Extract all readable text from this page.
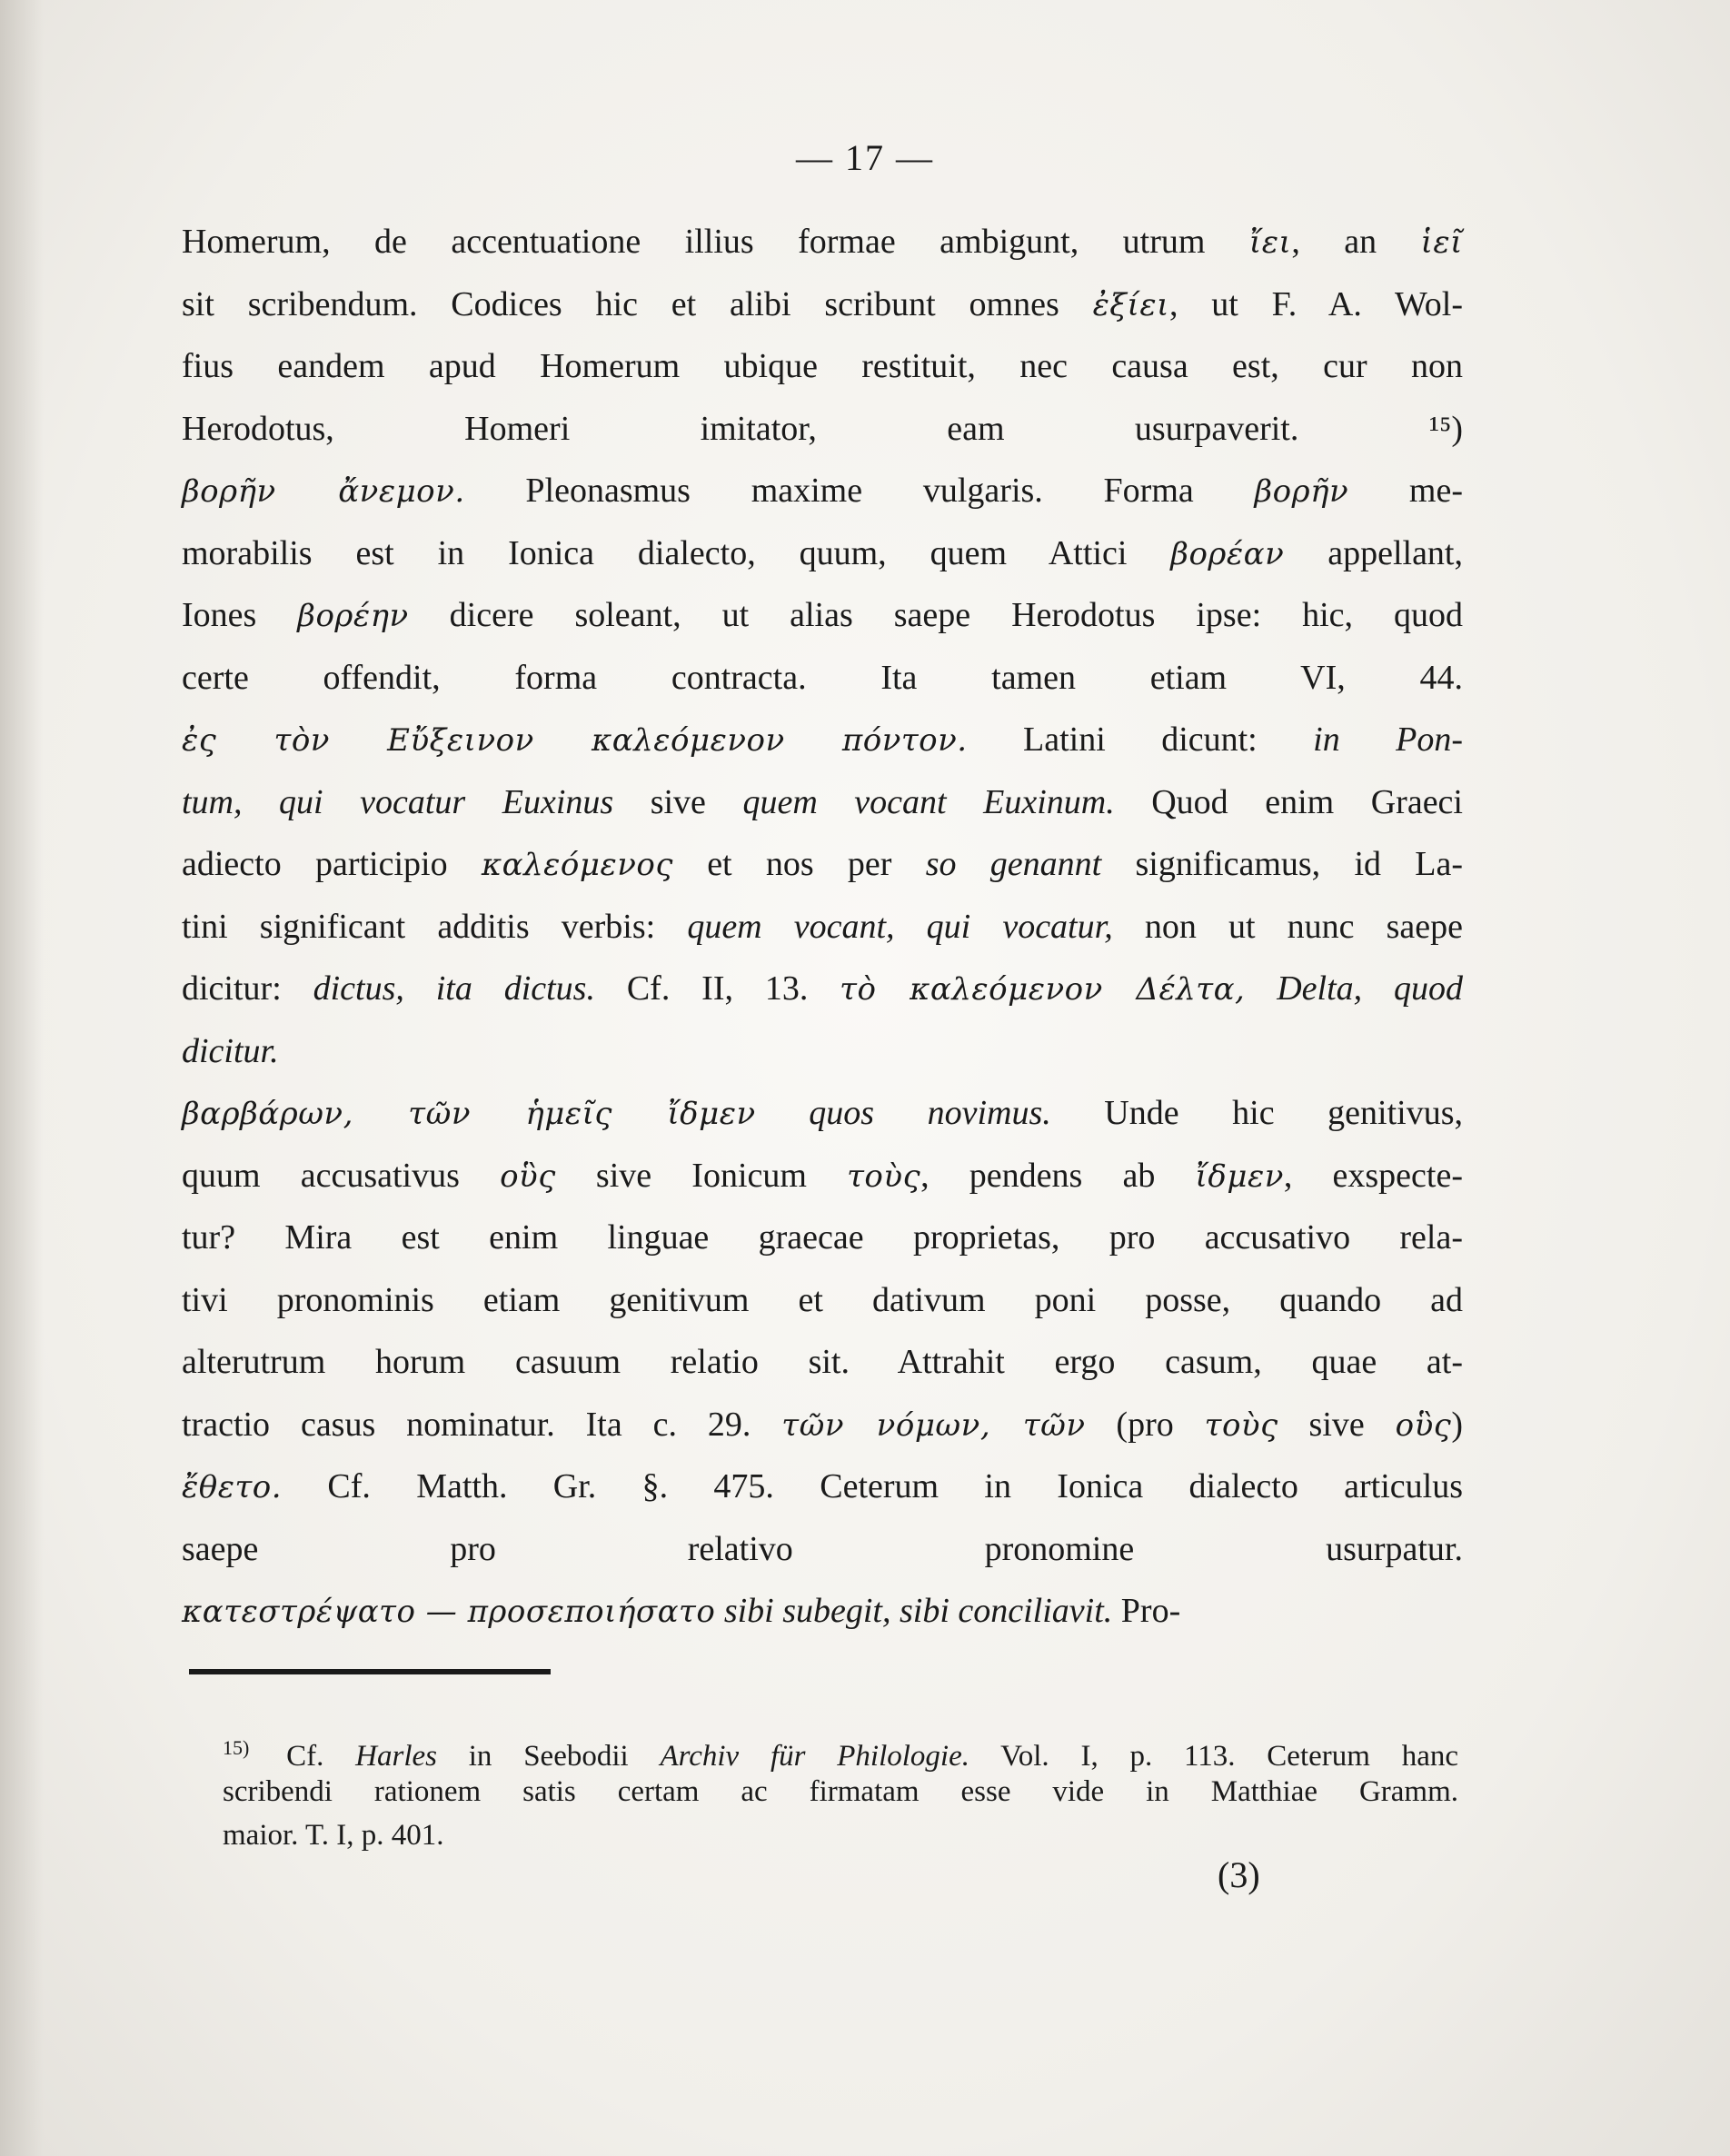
— 17 —
Homerum, de accentuatione illius formae ambigunt, utrum ἴει, an ἱεῖ
sit scribendum. Codices hic et alibi scribunt omnes ἐξίει, ut F. A. Wol-
fius eandem apud Homerum ubique restituit, nec causa est, cur non
Herodotus, Homeri imitator, eam usurpaverit. ¹⁵)
βορῆν ἄνεμον. Pleonasmus maxime vulgaris. Forma βορῆν me-
morabilis est in Ionica dialecto, quum, quem Attici βορέαν appellant,
Iones βορέην dicere soleant, ut alias saepe Herodotus ipse: hic, quod
certe offendit, forma contracta. Ita tamen etiam VI, 44.
ἐς τὸν Εὔξεινον καλεόμενον πόντον. Latini dicunt: in Pon-
tum, qui vocatur Euxinus sive quem vocant Euxinum. Quod enim Graeci
adiecto participio καλεόμενος et nos per so genannt significamus, id La-
tini significant additis verbis: quem vocant, qui vocatur, non ut nunc saepe
dicitur: dictus, ita dictus. Cf. II, 13. τὸ καλεόμενον Δέλτα, Delta, quod
dicitur.
βαρβάρων, τῶν ἡμεῖς ἴδμεν quos novimus. Unde hic genitivus,
quum accusativus οὓς sive Ionicum τοὺς, pendens ab ἴδμεν, exspecte-
tur? Mira est enim linguae graecae proprietas, pro accusativo rela-
tivi pronominis etiam genitivum et dativum poni posse, quando ad
alterutrum horum casuum relatio sit. Attrahit ergo casum, quae at-
tractio casus nominatur. Ita c. 29. τῶν νόμων, τῶν (pro τοὺς sive οὓς)
ἔθετο. Cf. Matth. Gr. §. 475. Ceterum in Ionica dialecto articulus
saepe pro relativo pronomine usurpatur.
κατεστρέψατο — προσεποιήσατο sibi subegit, sibi conciliavit. Pro-
$^{15)}$ Cf. Harles in Seebodii Archiv für Philologie. Vol. I, p. 113. Ceterum hanc
scribendi rationem satis certam ac firmatam esse vide in Matthiae Gramm.
maior. T. I, p. 401.
(3)
